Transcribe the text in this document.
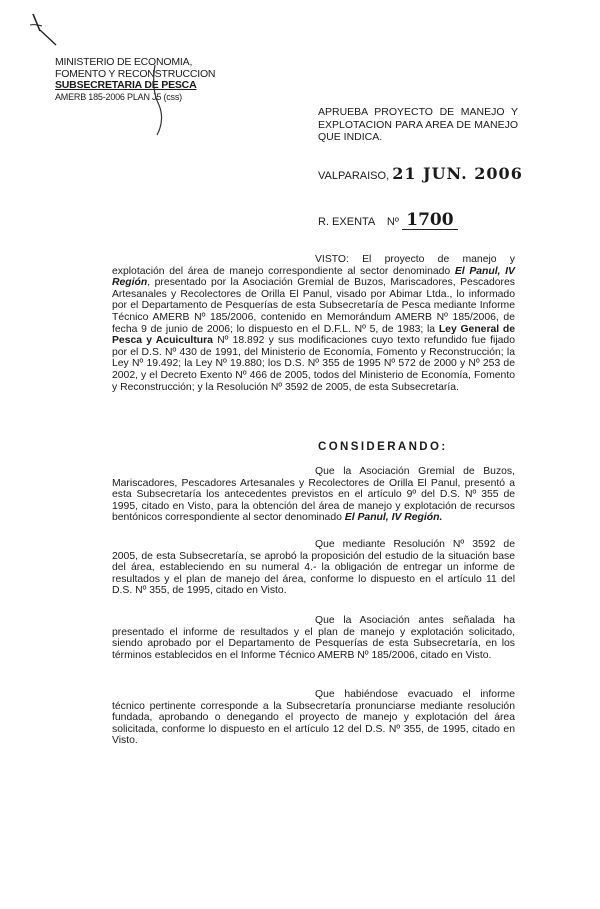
MINISTERIO DE ECONOMIA,
FOMENTO Y RECONSTRUCCION
SUBSECRETARIA DE PESCA
AMERB 185-2006 PLAN J5 (css)
APRUEBA PROYECTO DE MANEJO Y EXPLOTACION PARA AREA DE MANEJO QUE INDICA.
VALPARAISO, 21 JUN. 2006
R. EXENTA Nº 1700
VISTO: El proyecto de manejo y explotación del área de manejo correspondiente al sector denominado El Panul, IV Región, presentado por la Asociación Gremial de Buzos, Mariscadores, Pescadores Artesanales y Recolectores de Orilla El Panul, visado por Abimar Ltda., lo informado por el Departamento de Pesquerías de esta Subsecretaría de Pesca mediante Informe Técnico AMERB Nº 185/2006, contenido en Memorándum AMERB Nº 185/2006, de fecha 9 de junio de 2006; lo dispuesto en el D.F.L. Nº 5, de 1983; la Ley General de Pesca y Acuicultura Nº 18.892 y sus modificaciones cuyo texto refundido fue fijado por el D.S. Nº 430 de 1991, del Ministerio de Economía, Fomento y Reconstrucción; la Ley Nº 19.492; la Ley Nº 19.880; los D.S. Nº 355 de 1995 Nº 572 de 2000 y Nº 253 de 2002, y el Decreto Exento Nº 466 de 2005, todos del Ministerio de Economía, Fomento y Reconstrucción; y la Resolución Nº 3592 de 2005, de esta Subsecretaría.
CONSIDERANDO:
Que la Asociación Gremial de Buzos, Mariscadores, Pescadores Artesanales y Recolectores de Orilla El Panul, presentó a esta Subsecretaría los antecedentes previstos en el artículo 9º del D.S. Nº 355 de 1995, citado en Visto, para la obtención del área de manejo y explotación de recursos bentónicos correspondiente al sector denominado El Panul, IV Región.
Que mediante Resolución Nº 3592 de 2005, de esta Subsecretaría, se aprobó la proposición del estudio de la situación base del área, estableciendo en su numeral 4.- la obligación de entregar un informe de resultados y el plan de manejo del área, conforme lo dispuesto en el artículo 11 del D.S. Nº 355, de 1995, citado en Visto.
Que la Asociación antes señalada ha presentado el informe de resultados y el plan de manejo y explotación solicitado, siendo aprobado por el Departamento de Pesquerías de esta Subsecretaría, en los términos establecidos en el Informe Técnico AMERB Nº 185/2006, citado en Visto.
Que habiéndose evacuado el informe técnico pertinente corresponde a la Subsecretaría pronunciarse mediante resolución fundada, aprobando o denegando el proyecto de manejo y explotación del área solicitada, conforme lo dispuesto en el artículo 12 del D.S. Nº 355, de 1995, citado en Visto.
